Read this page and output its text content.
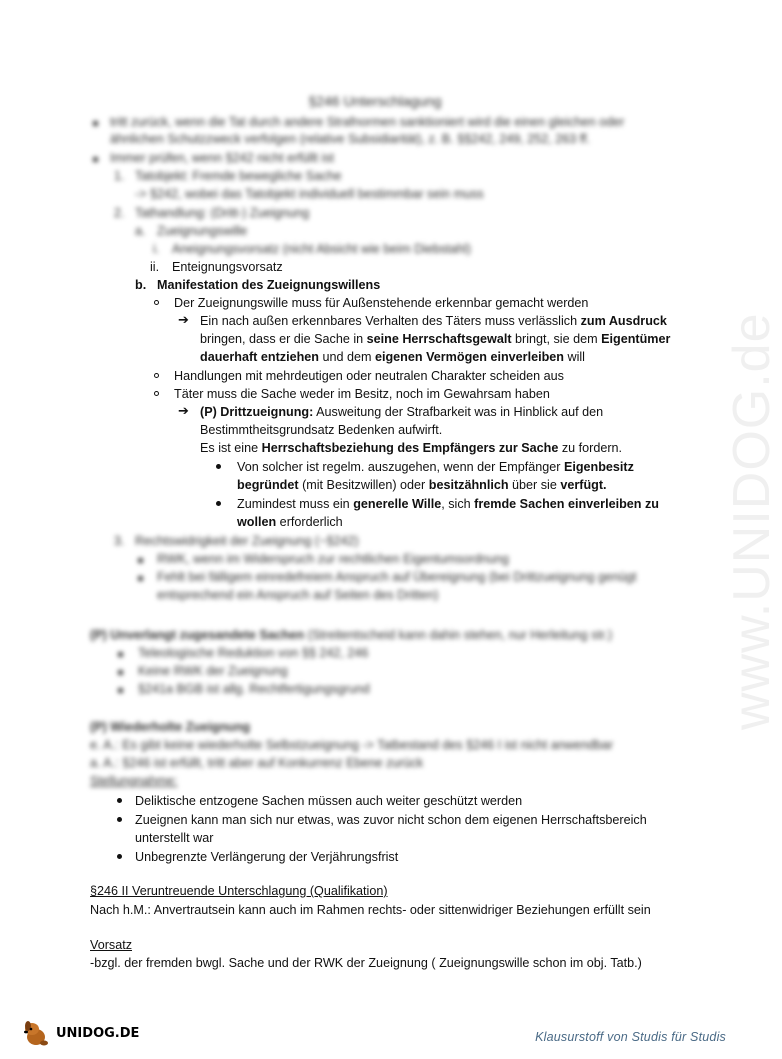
www.UNIDOG.de
§246 Unterschlagung
tritt zurück, wenn die Tat durch andere Strafnormen sanktioniert wird die einen gleichen oder
ähnlichen Schutzzweck verfolgen (relative Subsidiarität), z. B. §§242, 249, 252, 263 ff.
Immer prüfen, wenn §242 nicht erfüllt ist
1. Tatobjekt: Fremde bewegliche Sache
-> §242, wobei das Tatobjekt individuell bestimmbar sein muss
2. Tathandlung: (Dritt-) Zueignung
a. Zueignungswille
i. Aneignungsvorsatz (nicht Absicht wie beim Diebstahl)
ii. Enteignungsvorsatz
b. Manifestation des Zueignungswillens
Der Zueignungswille muss für Außenstehende erkennbar gemacht werden
➔ Ein nach außen erkennbares Verhalten des Täters muss verlässlich zum Ausdruck
bringen, dass er die Sache in seine Herrschaftsgewalt bringt, sie dem Eigentümer
dauerhaft entziehen und dem eigenen Vermögen einverleiben will
Handlungen mit mehrdeutigen oder neutralen Charakter scheiden aus
Täter muss die Sache weder im Besitz, noch im Gewahrsam haben
➔ (P) Drittzueignung: Ausweitung der Strafbarkeit was in Hinblick auf den
Bestimmtheitsgrundsatz Bedenken aufwirft.
Es ist eine Herrschaftsbeziehung des Empfängers zur Sache zu fordern.
Von solcher ist regelm. auszugehen, wenn der Empfänger Eigenbesitz
begründet (mit Besitzwillen) oder besitzähnlich über sie verfügt.
Zumindest muss ein generelle Wille, sich fremde Sachen einverleiben zu
wollen erforderlich
3. Rechtswidrigkeit der Zueignung (~§242)
RWK, wenn im Widerspruch zur rechtlichen Eigentumsordnung
Fehlt bei fälligem einredefreiem Anspruch auf Übereignung (bei Drittzueignung genügt
entsprechend ein Anspruch auf Seiten des Dritten)
(P) Unverlangt zugesandete Sachen (Streitentscheid kann dahin stehen, nur Herleitung str.)
Teleologische Reduktion von §§ 242, 246
Keine RWK der Zueignung
§241a BGB ist allg. Rechtfertigungsgrund
(P) Wiederholte Zueignung
e. A.: Es gibt keine wiederholte Selbstzueignung -> Tatbestand des §246 I ist nicht anwendbar
a. A.: §246 ist erfüllt, tritt aber auf Konkurrenz Ebene zurück
Stellungnahme:
Deliktische entzogene Sachen müssen auch weiter geschützt werden
Zueignen kann man sich nur etwas, was zuvor nicht schon dem eigenen Herrschaftsbereich
unterstellt war
Unbegrenzte Verlängerung der Verjährungsfrist
§246 II Veruntreuende Unterschlagung (Qualifikation)
Nach h.M.: Anvertrautsein kann auch im Rahmen rechts- oder sittenwidriger Beziehungen erfüllt sein
Vorsatz
-bzgl. der fremden bwgl. Sache und der RWK der Zueignung ( Zueignungswille schon im obj. Tatb.)
UNIDOG.DE	Klausurstoff von Studis für Studis
